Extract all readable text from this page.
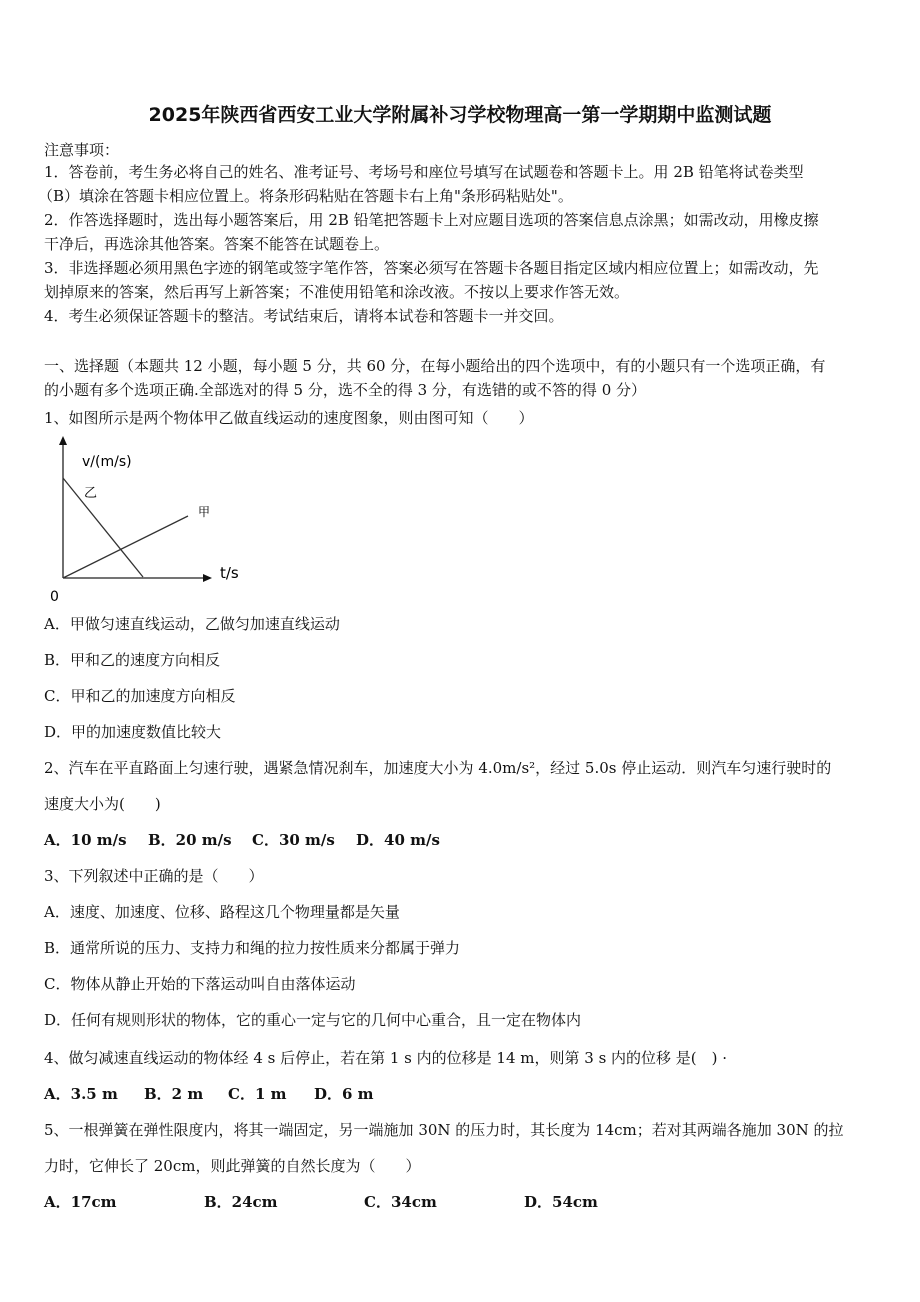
2025年陕西省西安工业大学附属补习学校物理高一第一学期期中监测试题
注意事项：
1．答卷前，考生务必将自己的姓名、准考证号、考场号和座位号填写在试题卷和答题卡上。用 2B 铅笔将试卷类型
（B）填涂在答题卡相应位置上。将条形码粘贴在答题卡右上角"条形码粘贴处"。
2．作答选择题时，选出每小题答案后，用 2B 铅笔把答题卡上对应题目选项的答案信息点涂黑；如需改动，用橡皮擦
干净后，再选涂其他答案。答案不能答在试题卷上。
3．非选择题必须用黑色字迹的钢笔或签字笔作答，答案必须写在答题卡各题目指定区域内相应位置上；如需改动，先
划掉原来的答案，然后再写上新答案；不准使用铅笔和涂改液。不按以上要求作答无效。
4．考生必须保证答题卡的整洁。考试结束后，请将本试卷和答题卡一并交回。
一、选择题（本题共 12 小题，每小题 5 分，共 60 分，在每小题给出的四个选项中，有的小题只有一个选项正确，有
的小题有多个选项正确.全部选对的得 5 分，选不全的得 3 分，有选错的或不答的得 0 分）
1、如图所示是两个物体甲乙做直线运动的速度图象，则由图可知（　　）
v/(m/s)
乙
甲
t/s
0
A．甲做匀速直线运动，乙做匀加速直线运动
B．甲和乙的速度方向相反
C．甲和乙的加速度方向相反
D．甲的加速度数值比较大
2、汽车在平直路面上匀速行驶，遇紧急情况刹车，加速度大小为 4.0m/s²，经过 5.0s 停止运动．则汽车匀速行驶时的
速度大小为(　　)
A．10 m/s B．20 m/s C．30 m/s D．40 m/s
3、下列叙述中正确的是（　　）
A．速度、加速度、位移、路程这几个物理量都是矢量
B．通常所说的压力、支持力和绳的拉力按性质来分都属于弹力
C．物体从静止开始的下落运动叫自由落体运动
D．任何有规则形状的物体，它的重心一定与它的几何中心重合，且一定在物体内
4、做匀减速直线运动的物体经 4 s 后停止，若在第 1 s 内的位移是 14 m，则第 3 s 内的位移 是(　) ·
A．3.5 m B．2 m C．1 m D．6 m
5、一根弹簧在弹性限度内，将其一端固定，另一端施加 30N 的压力时，其长度为 14cm；若对其两端各施加 30N 的拉
力时，它伸长了 20cm，则此弹簧的自然长度为（　　）
A．17cm	B．24cm	C．34cm	D．54cm
